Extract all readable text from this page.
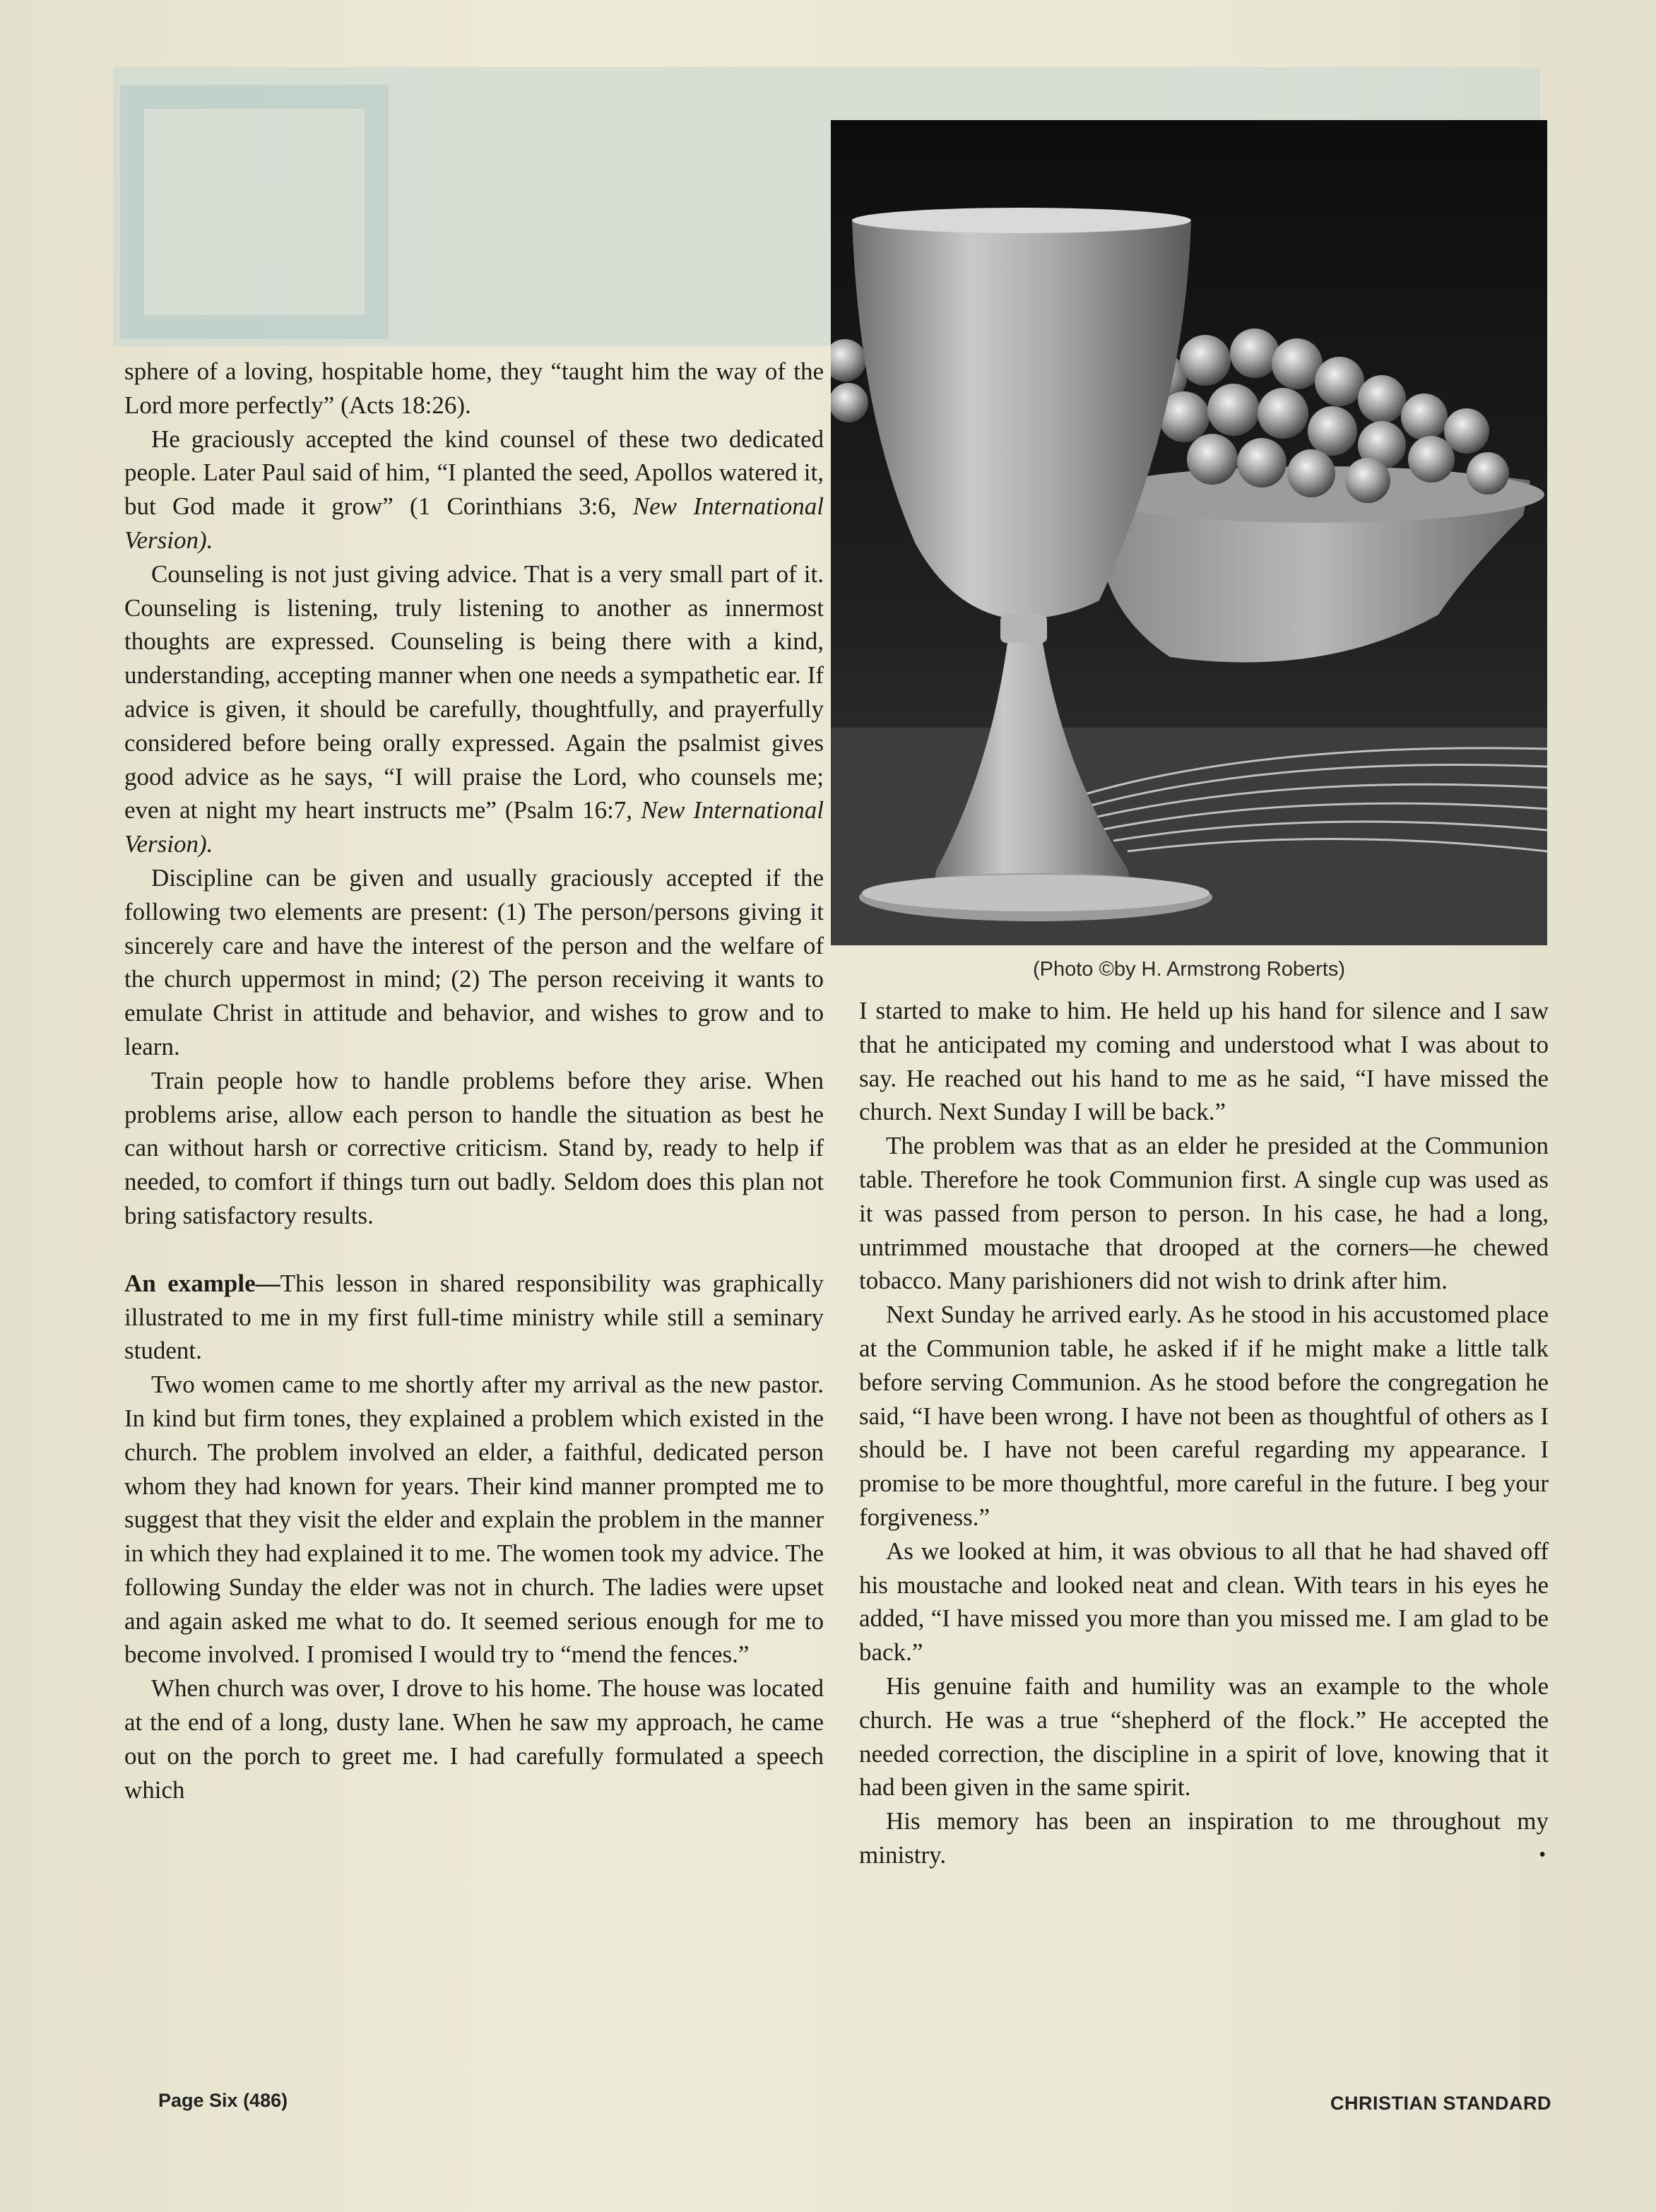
sphere of a loving, hospitable home, they “taught him the way of the Lord more perfectly” (Acts 18:26).

He graciously accepted the kind counsel of these two dedicated people. Later Paul said of him, “I planted the seed, Apollos watered it, but God made it grow” (1 Corinthians 3:6, New International Version).

Counseling is not just giving advice. That is a very small part of it. Counseling is listening, truly listening to another as innermost thoughts are expressed. Counseling is being there with a kind, understanding, accepting manner when one needs a sympathetic ear. If advice is given, it should be carefully, thoughtfully, and prayerfully considered before being orally expressed. Again the psalmist gives good advice as he says, “I will praise the Lord, who counsels me; even at night my heart instructs me” (Psalm 16:7, New International Version).

Discipline can be given and usually graciously accepted if the following two elements are present: (1) The person/persons giving it sincerely care and have the interest of the person and the welfare of the church uppermost in mind; (2) The person receiving it wants to emulate Christ in attitude and behavior, and wishes to grow and to learn.

Train people how to handle problems before they arise. When problems arise, allow each person to handle the situation as best he can without harsh or corrective criticism. Stand by, ready to help if needed, to comfort if things turn out badly. Seldom does this plan not bring satisfactory results.

An example—This lesson in shared responsibility was graphically illustrated to me in my first full-time ministry while still a seminary student.

Two women came to me shortly after my arrival as the new pastor. In kind but firm tones, they explained a problem which existed in the church. The problem involved an elder, a faithful, dedicated person whom they had known for years. Their kind manner prompted me to suggest that they visit the elder and explain the problem in the manner in which they had explained it to me. The women took my advice. The following Sunday the elder was not in church. The ladies were upset and again asked me what to do. It seemed serious enough for me to become involved. I promised I would try to “mend the fences.”

When church was over, I drove to his home. The house was located at the end of a long, dusty lane. When he saw my approach, he came out on the porch to greet me. I had carefully formulated a speech which

(Photo ©by H. Armstrong Roberts)

I started to make to him. He held up his hand for silence and I saw that he anticipated my coming and understood what I was about to say. He reached out his hand to me as he said, “I have missed the church. Next Sunday I will be back.”

The problem was that as an elder he presided at the Communion table. Therefore he took Communion first. A single cup was used as it was passed from person to person. In his case, he had a long, untrimmed moustache that drooped at the corners—he chewed tobacco. Many parishioners did not wish to drink after him.

Next Sunday he arrived early. As he stood in his accustomed place at the Communion table, he asked if if he might make a little talk before serving Communion. As he stood before the congregation he said, “I have been wrong. I have not been as thoughtful of others as I should be. I have not been careful regarding my appearance. I promise to be more thoughtful, more careful in the future. I beg your forgiveness.”

As we looked at him, it was obvious to all that he had shaved off his moustache and looked neat and clean. With tears in his eyes he added, “I have missed you more than you missed me. I am glad to be back.”

His genuine faith and humility was an example to the whole church. He was a true “shepherd of the flock.” He accepted the needed correction, the discipline in a spirit of love, knowing that it had been given in the same spirit.

His memory has been an inspiration to me throughout my ministry.	•

Page Six (486)	CHRISTIAN STANDARD
